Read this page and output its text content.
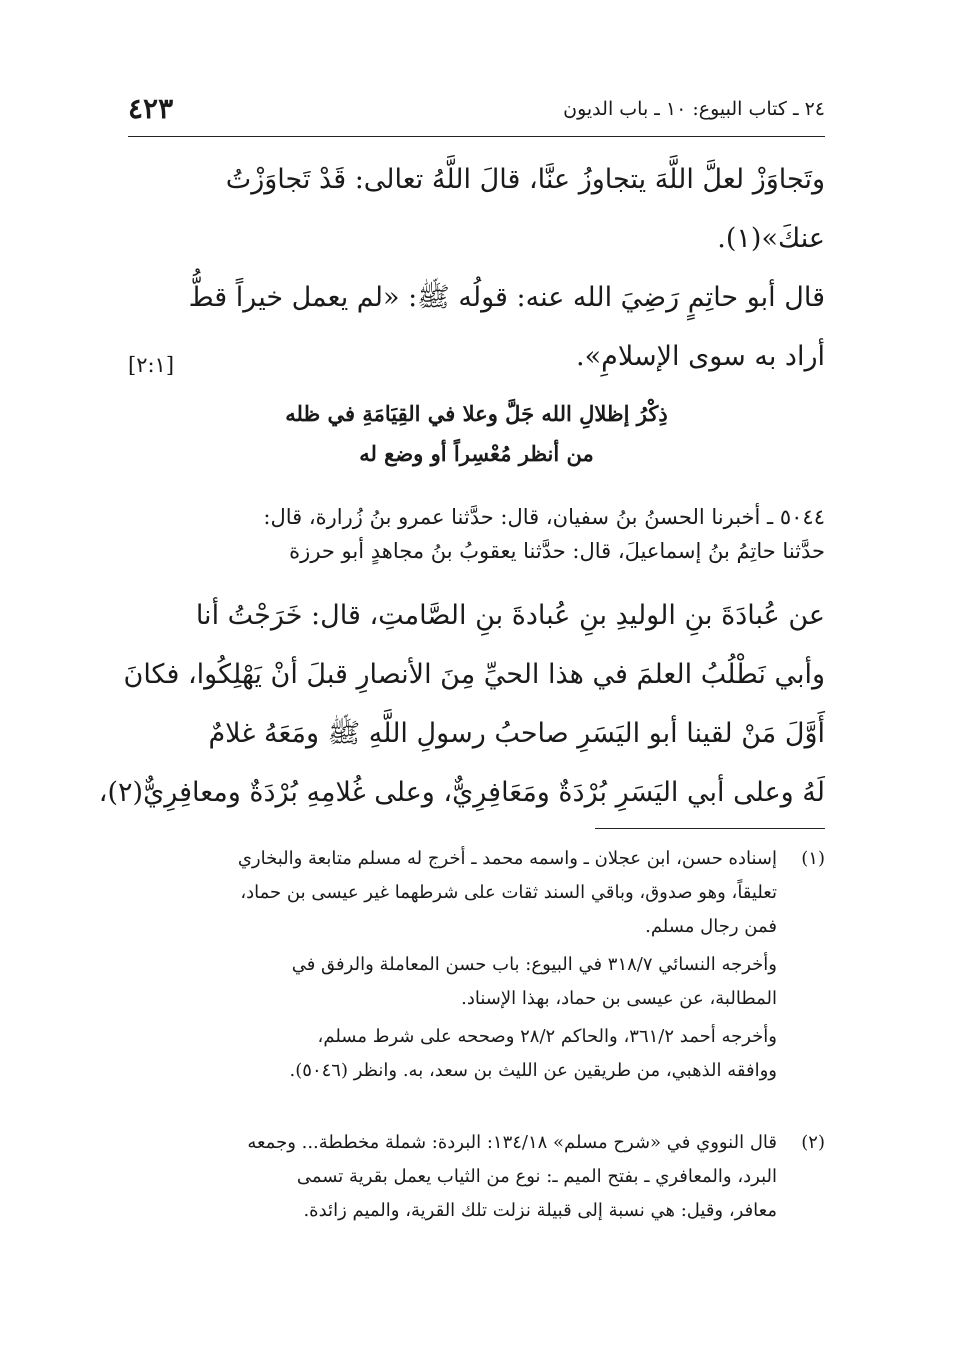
٢٤ ـ كتاب البيوع: ١٠ ـ باب الديون
٤٢٣
وتَجاوَزْ لعلَّ اللَّهَ يتجاوزُ عنَّا، قالَ اللَّهُ تعالى: قَدْ تَجاوَزْتُ
عنكَ»(١).
قال أبو حاتِمٍ رَضِيَ الله عنه: قولُه ﷺ: «لم يعمل خيراً قطُّ
أراد به سوى الإسلامِ».
[٢:١]
ذِكْرُ إظلالِ الله جَلَّ وعلا في القِيَامَةِ في ظله
من أنظر مُعْسِراً أو وضع له
٥٠٤٤ ـ أخبرنا الحسنُ بنُ سفيان، قال: حدَّثنا عمرو بنُ زُرارة، قال:
حدَّثنا حاتِمُ بنُ إسماعيلَ، قال: حدَّثنا يعقوبُ بنُ مجاهدٍ أبو حرزة
عن عُبادَةَ بنِ الوليدِ بنِ عُبادةَ بنِ الصَّامتِ، قال: خَرَجْتُ أنا
وأبي نَطْلُبُ العلمَ في هذا الحيِّ مِنَ الأنصارِ قبلَ أنْ يَهْلِكُوا، فكانَ
أَوَّلَ مَنْ لقينا أبو اليَسَرِ صاحبُ رسولِ اللَّهِ ﷺ ومَعَهُ غلامٌ
لَهُ وعلى أبي اليَسَرِ بُرْدَةٌ ومَعَافِرِيٌّ، وعلى غُلامِهِ بُرْدَةٌ ومعافِرِيٌّ(٢)،
(١)
إسناده حسن، ابن عجلان ـ واسمه محمد ـ أخرج له مسلم متابعة والبخاري
تعليقاً، وهو صدوق، وباقي السند ثقات على شرطهما غير عيسى بن حماد،
فمن رجال مسلم.
وأخرجه النسائي ٣١٨/٧ في البيوع: باب حسن المعاملة والرفق في
المطالبة، عن عيسى بن حماد، بهذا الإسناد.
وأخرجه أحمد ٣٦١/٢، والحاكم ٢٨/٢ وصححه على شرط مسلم،
ووافقه الذهبي، من طريقين عن الليث بن سعد، به. وانظر (٥٠٤٦).
(٢)
قال النووي في «شرح مسلم» ١٣٤/١٨: البردة: شملة مخططة... وجمعه
البرد، والمعافري ـ بفتح الميم ـ: نوع من الثياب يعمل بقرية تسمى
معافر، وقيل: هي نسبة إلى قبيلة نزلت تلك القرية، والميم زائدة.
